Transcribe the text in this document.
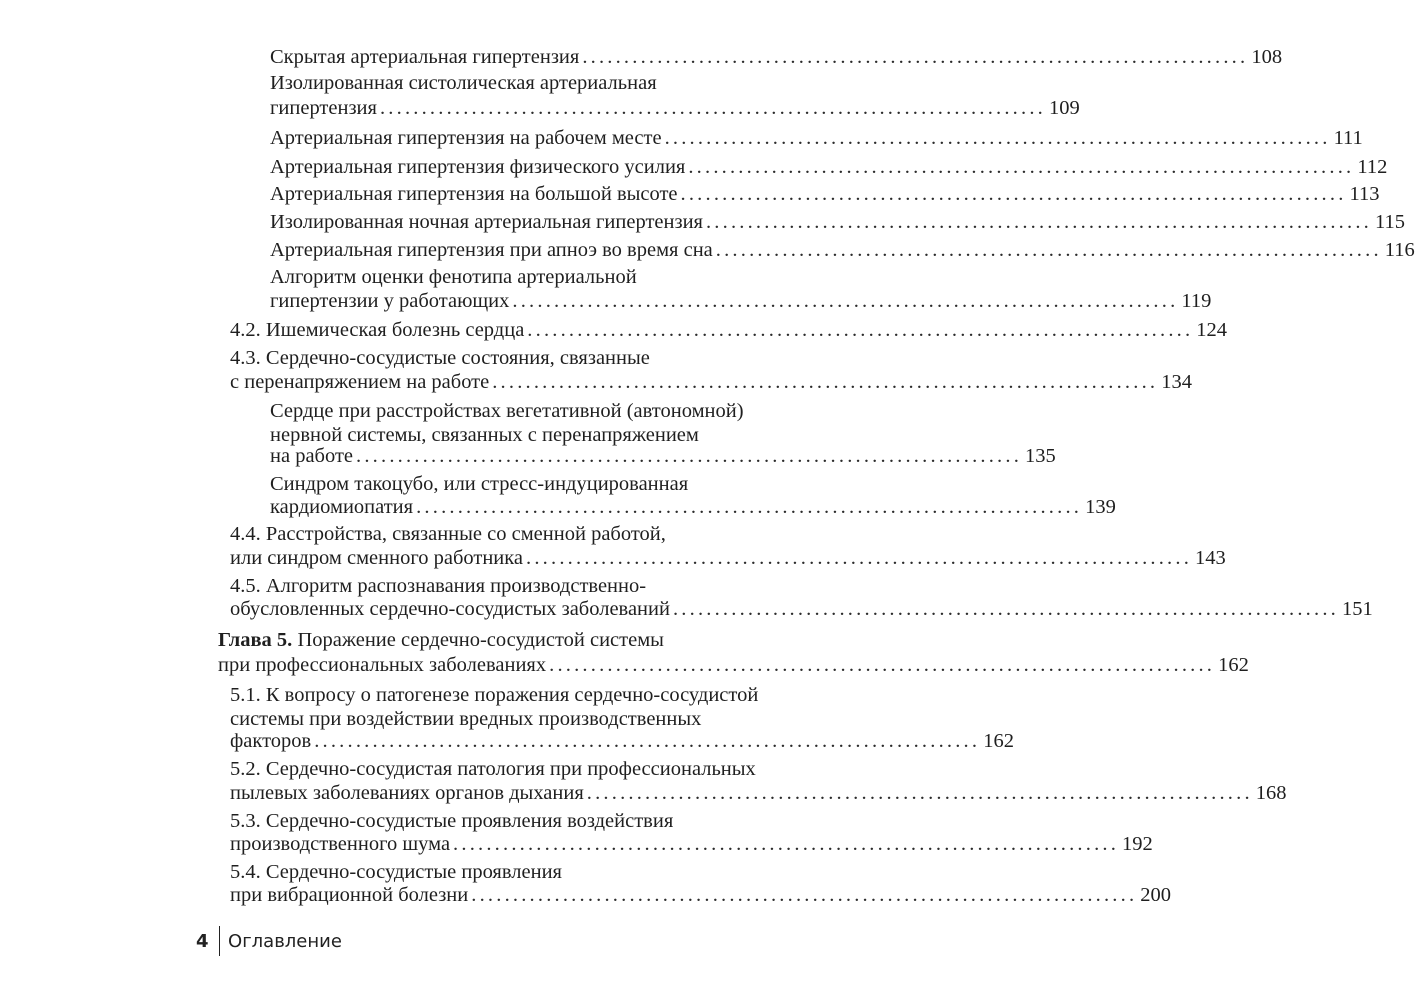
Скрытая артериальная гипертензия ................................................................................ 108
Изолированная систолическая артериальная
гипертензия ................................................................................ 109
Артериальная гипертензия на рабочем месте ................................................................................ 111
Артериальная гипертензия физического усилия ................................................................................ 112
Артериальная гипертензия на большой высоте ................................................................................ 113
Изолированная ночная артериальная гипертензия ................................................................................ 115
Артериальная гипертензия при апноэ во время сна ................................................................................ 116
Алгоритм оценки фенотипа артериальной
гипертензии у работающих ................................................................................ 119
4.2. Ишемическая болезнь сердца ................................................................................ 124
4.3. Сердечно-сосудистые состояния, связанные
с перенапряжением на работе ................................................................................ 134
Сердце при расстройствах вегетативной (автономной)
нервной системы, связанных с перенапряжением
на работе ................................................................................ 135
Синдром такоцубо, или стресс-индуцированная
кардиомиопатия ................................................................................ 139
4.4. Расстройства, связанные со сменной работой,
или синдром сменного работника ................................................................................ 143
4.5. Алгоритм распознавания производственно-
обусловленных сердечно-сосудистых заболеваний ................................................................................ 151
Глава 5. Поражение сердечно-сосудистой системы
при профессиональных заболеваниях ................................................................................ 162
5.1. К вопросу о патогенезе поражения сердечно-сосудистой
системы при воздействии вредных производственных
факторов ................................................................................ 162
5.2. Сердечно-сосудистая патология при профессиональных
пылевых заболеваниях органов дыхания ................................................................................ 168
5.3. Сердечно-сосудистые проявления воздействия
производственного шума ................................................................................ 192
5.4. Сердечно-сосудистые проявления
при вибрационной болезни ................................................................................ 200
4 Оглавление
